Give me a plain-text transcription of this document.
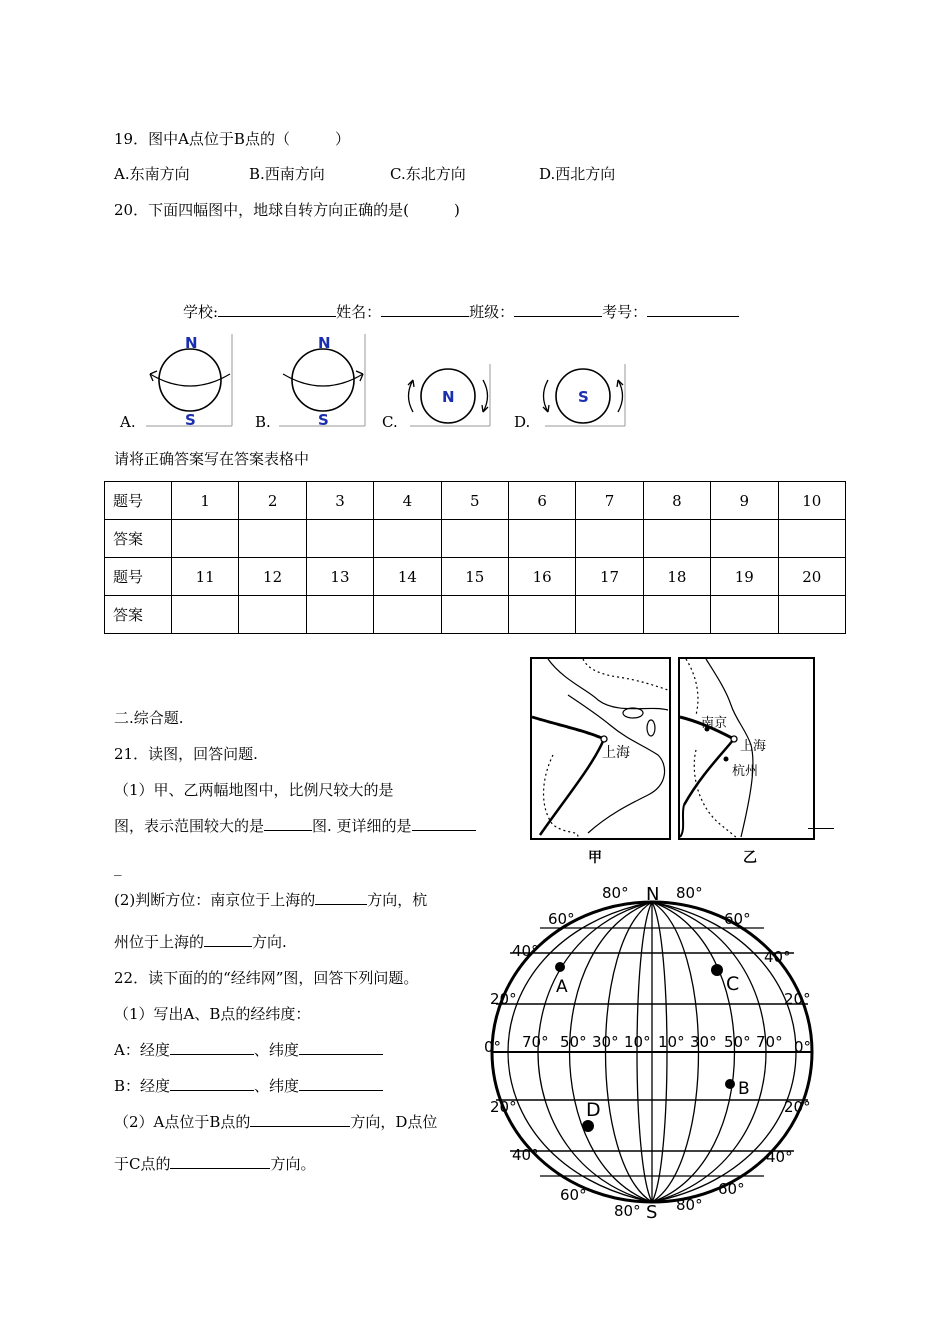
19．图中A点位于B点的（　　　）
A.东南方向	B.西南方向	C.东北方向	D.西北方向
20．下面四幅图中，地球自转方向正确的是(　　　)
学校:	姓名：	班级：	考号：
A.	B.	C.	D.
N
S
N
S
N	S
请将正确答案写在答案表格中
题号	1	2	3	4	5	6	7	8	9	10
答案										
题号	11	12	13	14	15	16	17	18	19	20
答案										
上海
南京
上海
杭州
甲	乙
二.综合题.
21．读图，回答问题.
（1）甲、乙两幅地图中，比例尺较大的是
图，表示范围较大的是	图. 更详细的是
_
(2)判断方位：南京位于上海的	方向，杭
州位于上海的	方向.
22．读下面的的“经纬网”图，回答下列问题。
（1）写出A、B点的经纬度：
A：经度	、纬度
B：经度	、纬度
（2）A点位于B点的	方向，D点位
于C点的	方向。
A
B
C
D
N
S
80°	80°
60°	60°
40°	40°
20°	20°
0°	0°
20°	20°
40°	40°
60°	60°
80° 80°
70° 50° 30° 10° 10° 30° 50° 70°
